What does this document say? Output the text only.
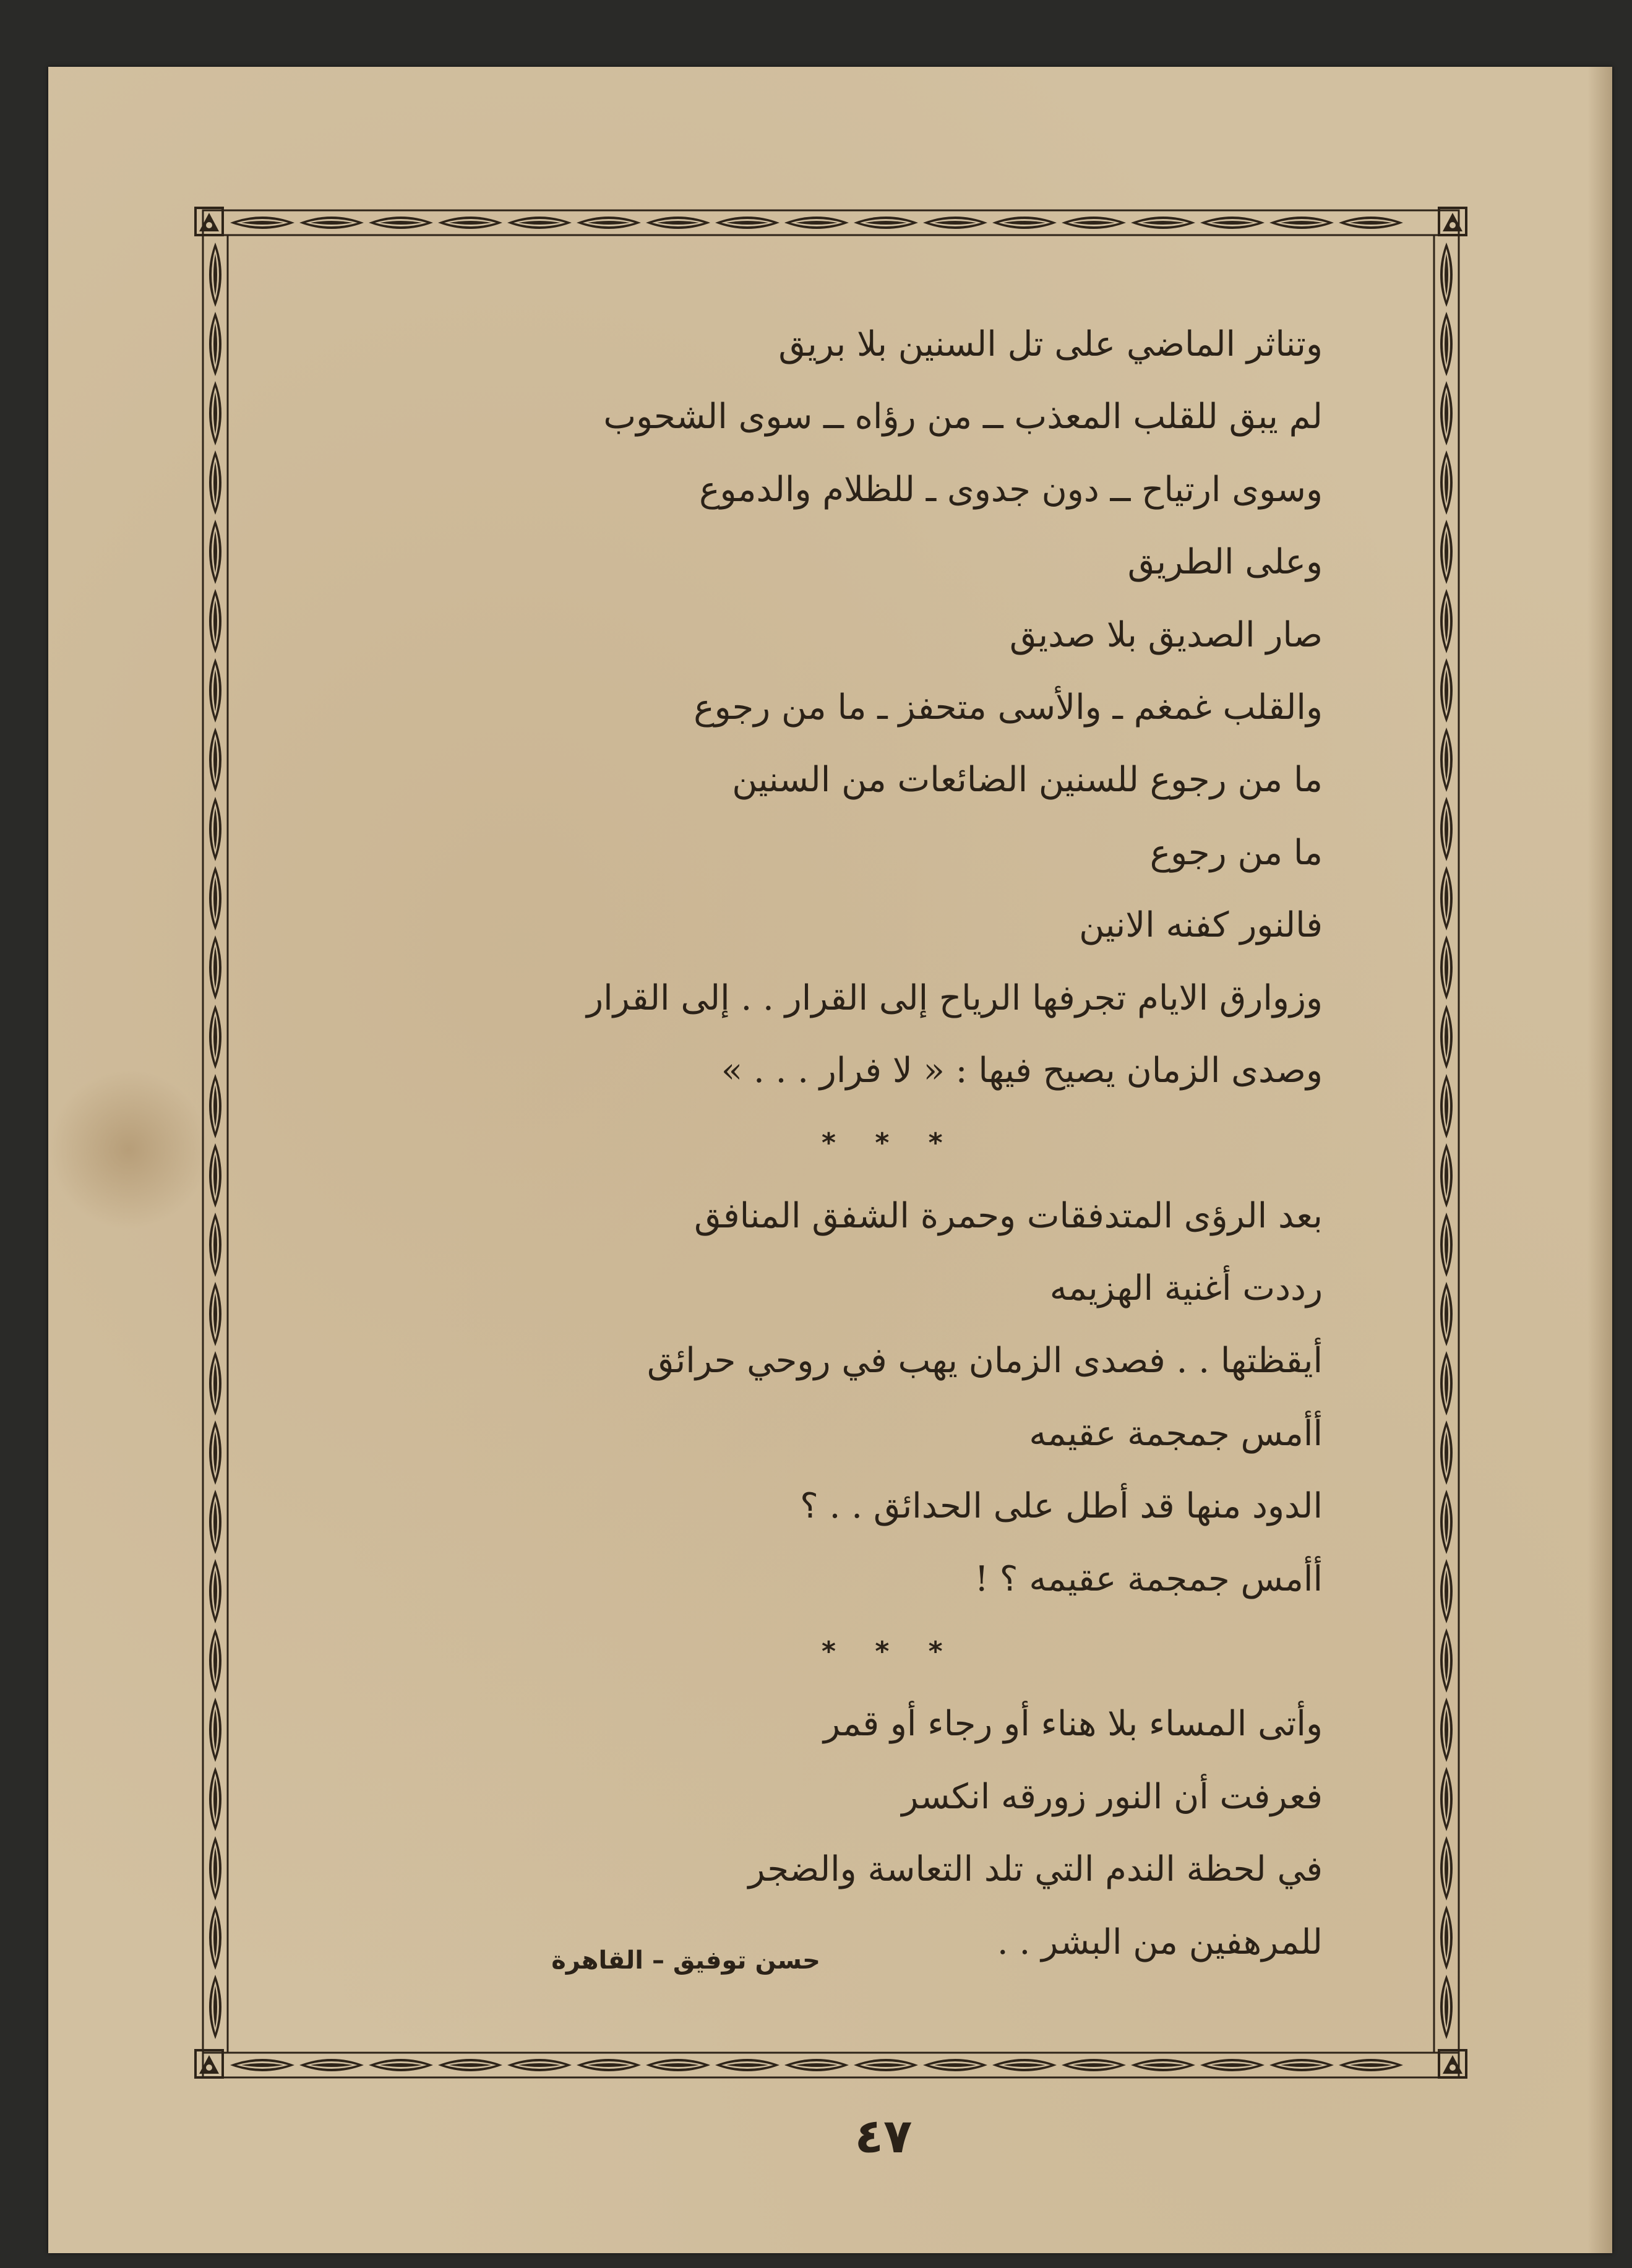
وتناثر الماضي على تل السنين بلا بريق
لم يبق للقلب المعذب ــ من رؤاه ــ سوى الشحوب
وسوى ارتياح ــ دون جدوى ـ للظلام والدموع
وعلى الطريق
صار الصديق بلا صديق
والقلب غمغم ـ والأسى متحفز ـ ما من رجوع
ما من رجوع للسنين الضائعات من السنين
ما من رجوع
فالنور كفنه الانين
وزوارق الايام تجرفها الرياح إلى القرار . . إلى القرار
وصدى الزمان يصيح فيها : « لا فرار . . . »
* * *
بعد الرؤى المتدفقات وحمرة الشفق المنافق
رددت أغنية الهزيمه
أيقظتها . . فصدى الزمان يهب في روحي حرائق
أأمس جمجمة عقيمه
الدود منها قد أطل على الحدائق . . ؟
أأمس جمجمة عقيمه ؟ !
* * *
وأتى المساء بلا هناء أو رجاء أو قمر
فعرفت أن النور زورقه انكسر
في لحظة الندم التي تلد التعاسة والضجر
للمرهفين من البشر . .
حسن توفيق – القاهرة
٤٧
